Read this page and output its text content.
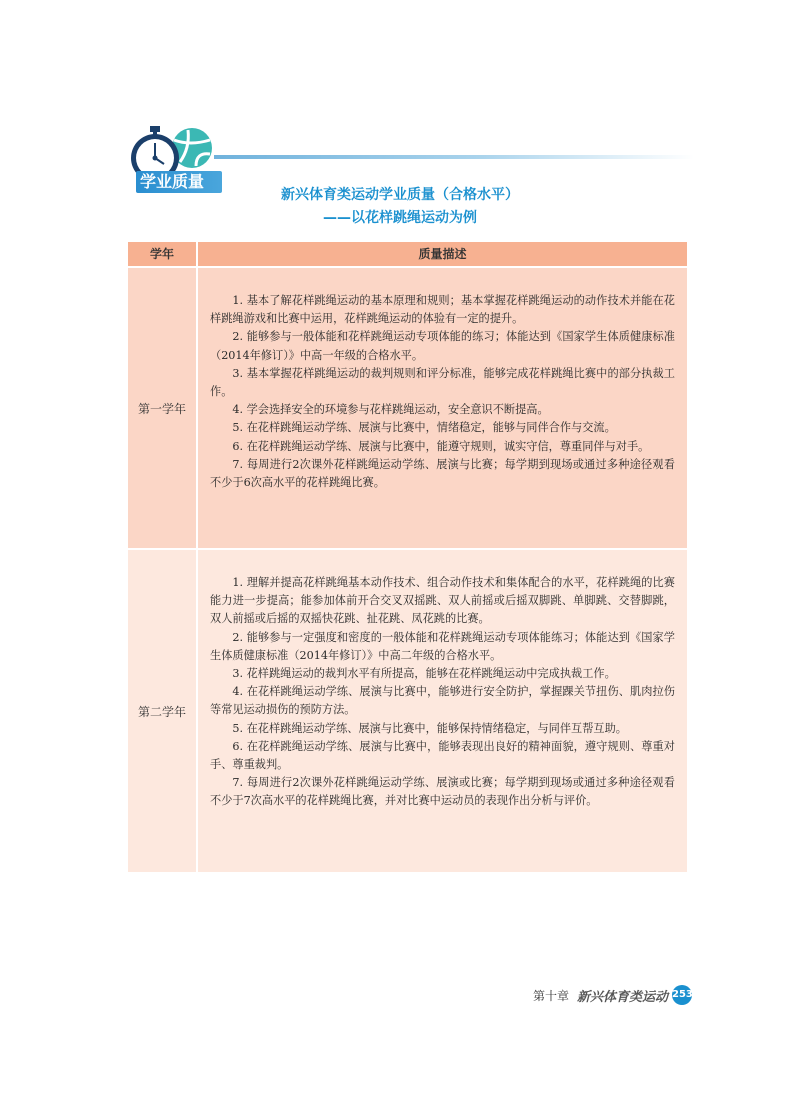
学业质量
新兴体育类运动学业质量（合格水平）
——以花样跳绳运动为例
学年	质量描述
第一学年

1. 基本了解花样跳绳运动的基本原理和规则；基本掌握花样跳绳运动的动作技术并能在花样跳绳游戏和比赛中运用，花样跳绳运动的体验有一定的提升。

2. 能够参与一般体能和花样跳绳运动专项体能的练习；体能达到《国家学生体质健康标准（2014年修订）》中高一年级的合格水平。

3. 基本掌握花样跳绳运动的裁判规则和评分标准，能够完成花样跳绳比赛中的部分执裁工作。

4. 学会选择安全的环境参与花样跳绳运动，安全意识不断提高。

5. 在花样跳绳运动学练、展演与比赛中，情绪稳定，能够与同伴合作与交流。

6. 在花样跳绳运动学练、展演与比赛中，能遵守规则，诚实守信，尊重同伴与对手。

7. 每周进行2次课外花样跳绳运动学练、展演与比赛；每学期到现场或通过多种途径观看不少于6次高水平的花样跳绳比赛。

第二学年

1. 理解并提高花样跳绳基本动作技术、组合动作技术和集体配合的水平，花样跳绳的比赛能力进一步提高；能参加体前开合交叉双摇跳、双人前摇或后摇双脚跳、单脚跳、交替脚跳，双人前摇或后摇的双摇快花跳、扯花跳、凤花跳的比赛。

2. 能够参与一定强度和密度的一般体能和花样跳绳运动专项体能练习；体能达到《国家学生体质健康标准（2014年修订）》中高二年级的合格水平。

3. 花样跳绳运动的裁判水平有所提高，能够在花样跳绳运动中完成执裁工作。

4. 在花样跳绳运动学练、展演与比赛中，能够进行安全防护，掌握踝关节扭伤、肌肉拉伤等常见运动损伤的预防方法。

5. 在花样跳绳运动学练、展演与比赛中，能够保持情绪稳定，与同伴互帮互助。

6. 在花样跳绳运动学练、展演与比赛中，能够表现出良好的精神面貌，遵守规则、尊重对手、尊重裁判。

7. 每周进行2次课外花样跳绳运动学练、展演或比赛；每学期到现场或通过多种途径观看不少于7次高水平的花样跳绳比赛，并对比赛中运动员的表现作出分析与评价。

第十章 新兴体育类运动 253
